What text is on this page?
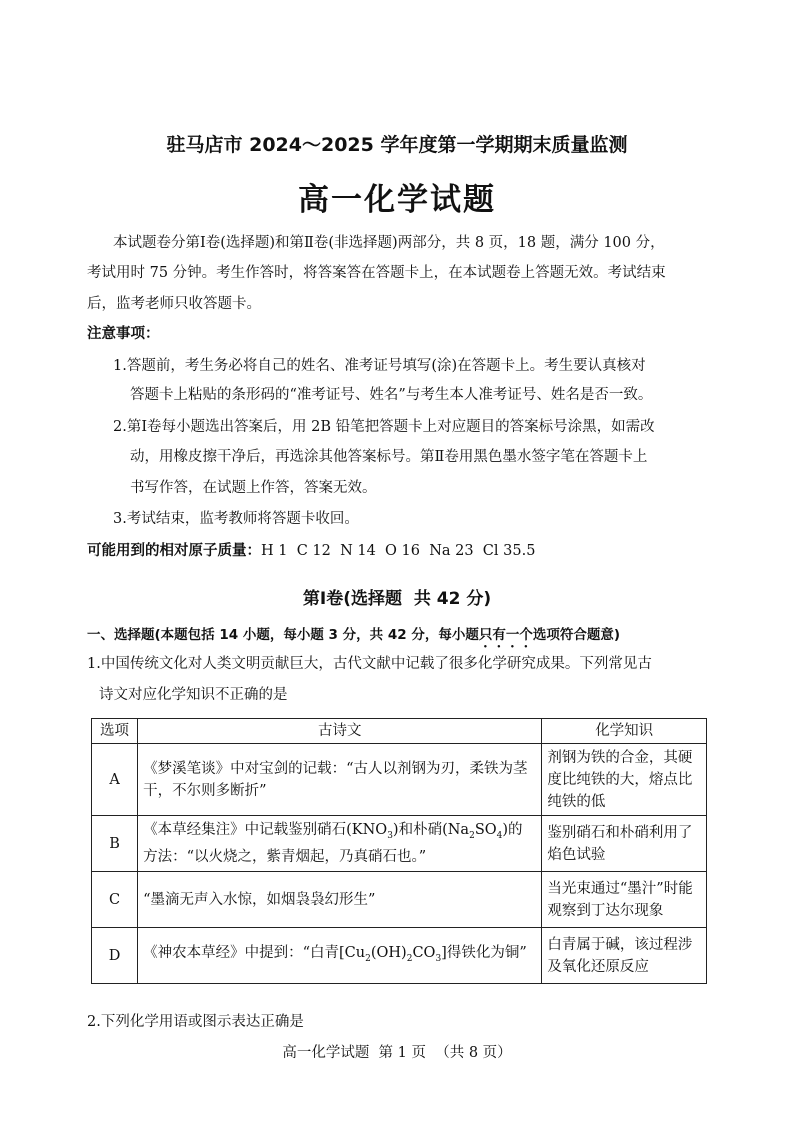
驻马店市 2024～2025 学年度第一学期期末质量监测
高一化学试题
本试题卷分第Ⅰ卷(选择题)和第Ⅱ卷(非选择题)两部分，共 8 页，18 题，满分 100 分，
考试用时 75 分钟。考生作答时，将答案答在答题卡上，在本试题卷上答题无效。考试结束
后，监考老师只收答题卡。
注意事项：
1.答题前，考生务必将自己的姓名、准考证号填写(涂)在答题卡上。考生要认真核对
答题卡上粘贴的条形码的“准考证号、姓名”与考生本人准考证号、姓名是否一致。
2.第Ⅰ卷每小题选出答案后，用 2B 铅笔把答题卡上对应题目的答案标号涂黑，如需改
动，用橡皮擦干净后，再选涂其他答案标号。第Ⅱ卷用黑色墨水签字笔在答题卡上
书写作答，在试题上作答，答案无效。
3.考试结束，监考教师将答题卡收回。
可能用到的相对原子质量：H 1  C 12  N 14  O 16  Na 23  Cl 35.5
第Ⅰ卷(选择题  共 42 分)
一、选择题(本题包括 14 小题，每小题 3 分，共 42 分，每小题只有一个选项符合题意)
1.中国传统文化对人类文明贡献巨大，古代文献中记载了很多化学研究成果。下列常见古
诗文对应化学知识不正确的是
选项	古诗文	化学知识
A	《梦溪笔谈》中对宝剑的记载：“古人以剂钢为刃，柔铁为茎干，不尔则多断折”	剂钢为铁的合金，其硬度比纯铁的大，熔点比纯铁的低
B	《本草经集注》中记载鉴别硝石$(KNO_3)$和朴硝$(Na_2SO_4)$的方法：“以火烧之，紫青烟起，乃真硝石也。”	鉴别硝石和朴硝利用了焰色试验
C	“墨滴无声入水惊，如烟袅袅幻形生”	当光束通过“墨汁”时能观察到丁达尔现象
D	《神农本草经》中提到：“白青$[Cu_2(OH)_2CO_3]$得铁化为铜”	白青属于碱，该过程涉及氧化还原反应
2.下列化学用语或图示表达正确是
高一化学试题  第 1 页  （共 8 页）
